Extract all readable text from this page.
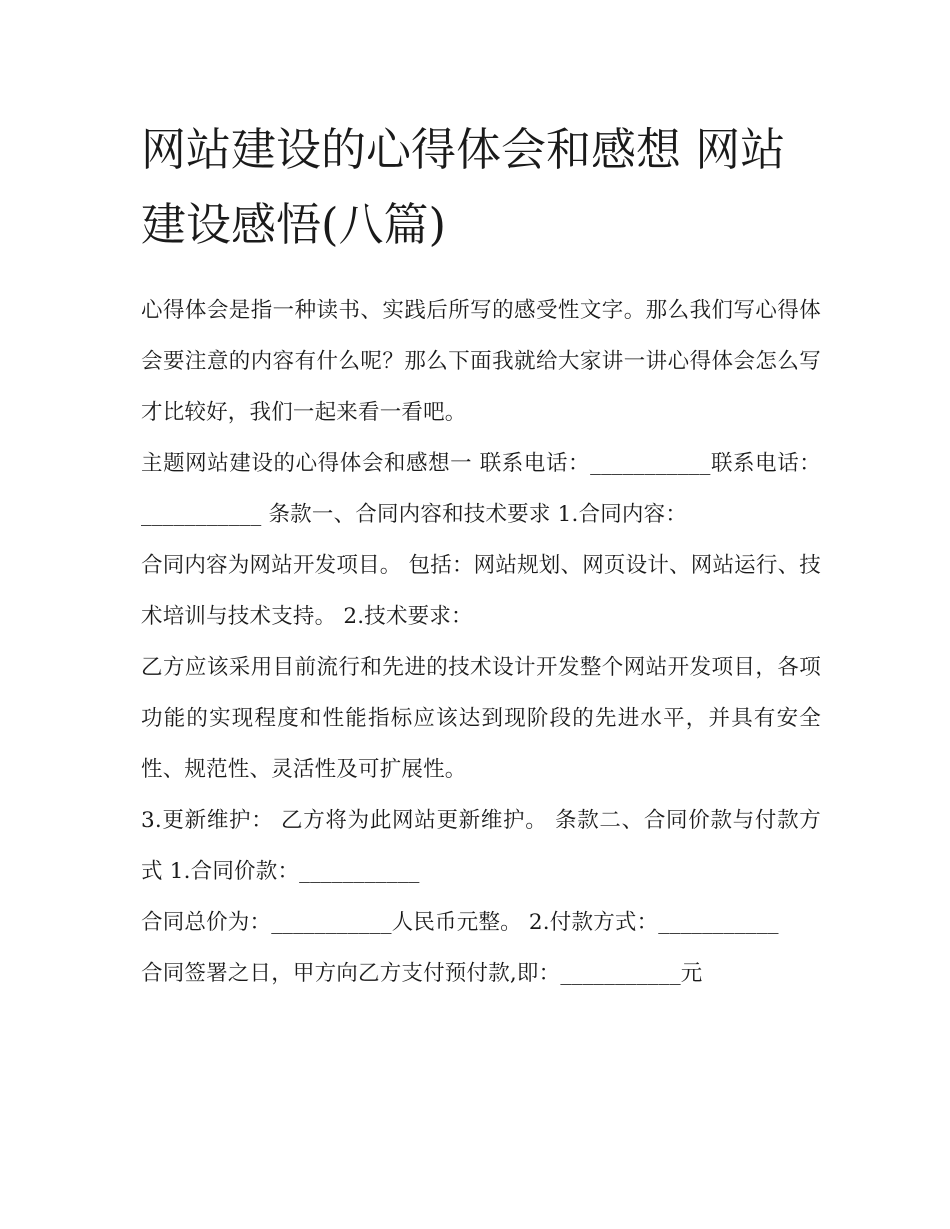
网站建设的心得体会和感想 网站建设感悟(八篇)

心得体会是指一种读书、实践后所写的感受性文字。那么我们写心得体会要注意的内容有什么呢？那么下面我就给大家讲一讲心得体会怎么写才比较好，我们一起来看一看吧。

主题网站建设的心得体会和感想一 联系电话：___________联系电话：___________ 条款一、合同内容和技术要求 1.合同内容：

合同内容为网站开发项目。 包括：网站规划、网页设计、网站运行、技术培训与技术支持。 2.技术要求：

乙方应该采用目前流行和先进的技术设计开发整个网站开发项目，各项功能的实现程度和性能指标应该达到现阶段的先进水平，并具有安全性、规范性、灵活性及可扩展性。

3.更新维护： 乙方将为此网站更新维护。 条款二、合同价款与付款方式 1.合同价款：___________

合同总价为：___________人民币元整。 2.付款方式：___________

合同签署之日，甲方向乙方支付预付款,即：___________元
